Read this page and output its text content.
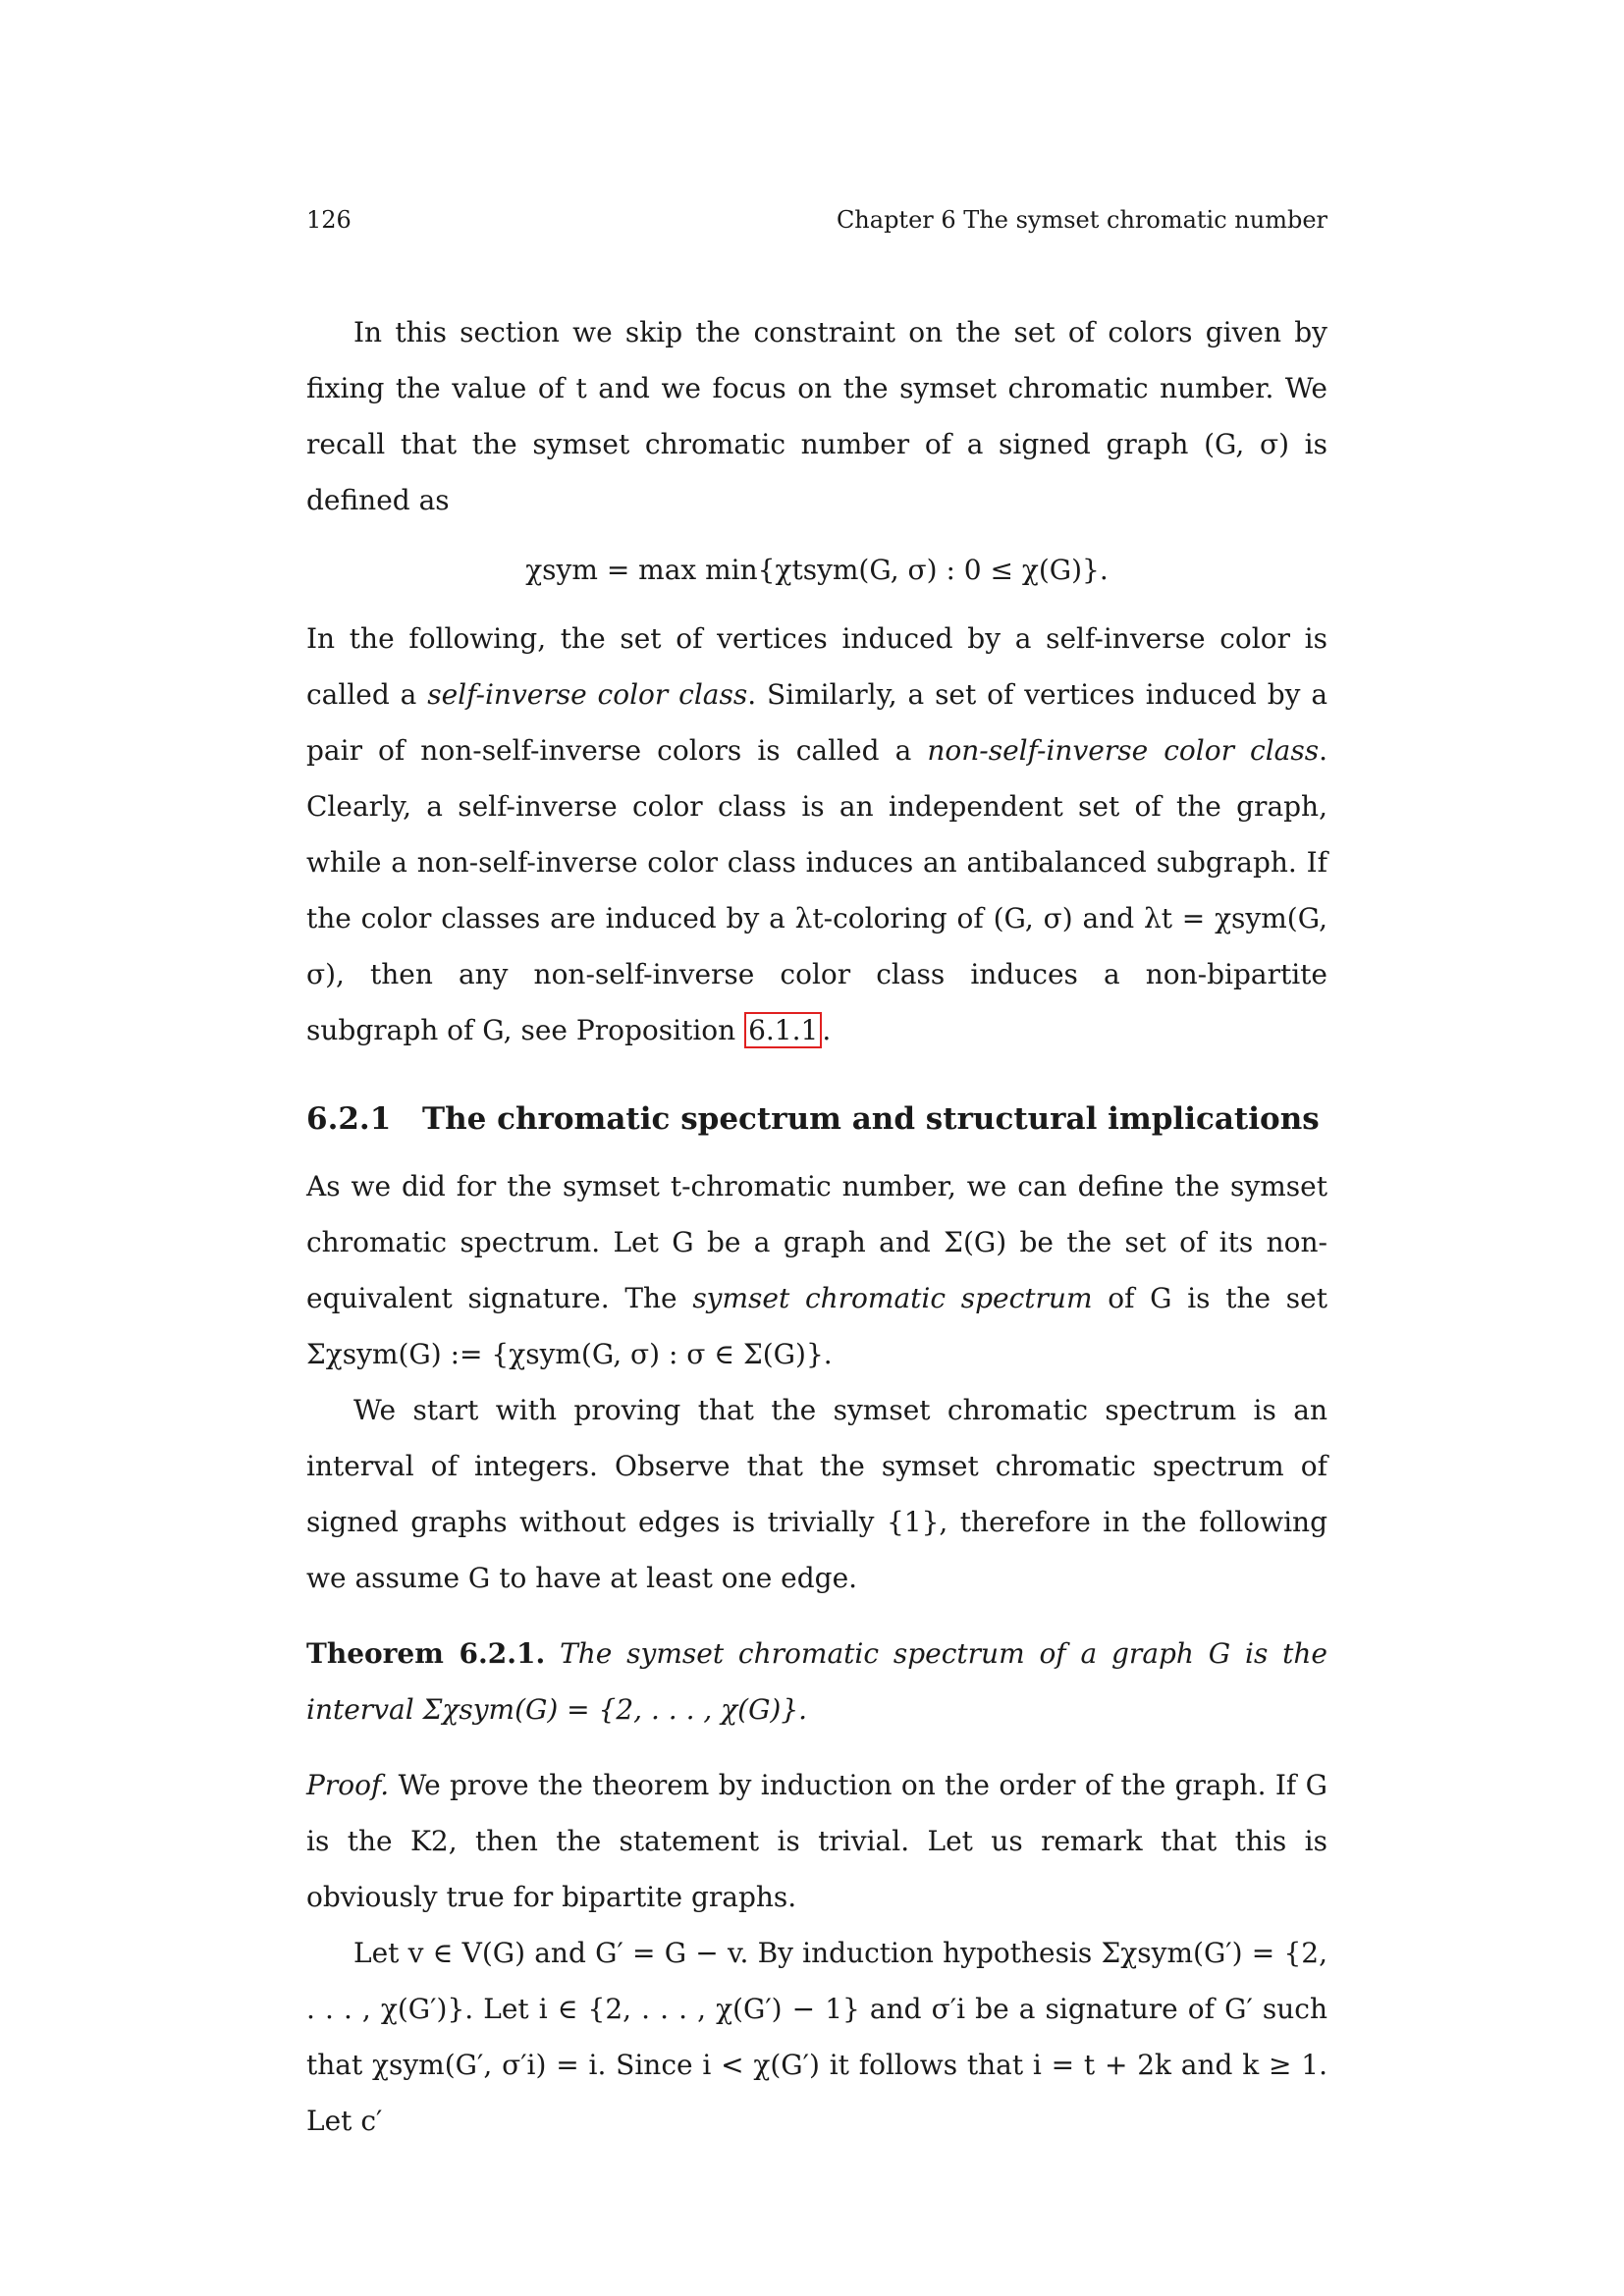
126	Chapter 6 The symset chromatic number

In this section we skip the constraint on the set of colors given by fixing the value of t and we focus on the symset chromatic number. We recall that the symset chromatic number of a signed graph (G, σ) is defined as

χsym = max min{χtsym(G, σ) : 0 ≤ χ(G)}.

In the following, the set of vertices induced by a self-inverse color is called a self-inverse color class. Similarly, a set of vertices induced by a pair of non-self-inverse colors is called a non-self-inverse color class. Clearly, a self-inverse color class is an independent set of the graph, while a non-self-inverse color class induces an antibalanced subgraph. If the color classes are induced by a λt-coloring of (G, σ) and λt = χsym(G, σ), then any non-self-inverse color class induces a non-bipartite subgraph of G, see Proposition 6.1.1 .

6.2.1 The chromatic spectrum and structural implications

As we did for the symset t-chromatic number, we can define the symset chromatic spectrum. Let G be a graph and Σ(G) be the set of its non-equivalent signature. The symset chromatic spectrum of G is the set Σχsym(G) := {χsym(G, σ) : σ ∈ Σ(G)}.

We start with proving that the symset chromatic spectrum is an interval of integers. Observe that the symset chromatic spectrum of signed graphs without edges is trivially {1}, therefore in the following we assume G to have at least one edge.

Theorem 6.2.1. The symset chromatic spectrum of a graph G is the interval Σχsym(G) = {2, . . . , χ(G)}.

Proof. We prove the theorem by induction on the order of the graph. If G is the K2, then the statement is trivial. Let us remark that this is obviously true for bipartite graphs.

Let v ∈ V(G) and G′ = G − v. By induction hypothesis Σχsym(G′) = {2, . . . , χ(G′)}. Let i ∈ {2, . . . , χ(G′) − 1} and σ′i be a signature of G′ such that χsym(G′, σ′i) = i. Since i < χ(G′) it follows that i = t + 2k and k ≥ 1. Let c′
